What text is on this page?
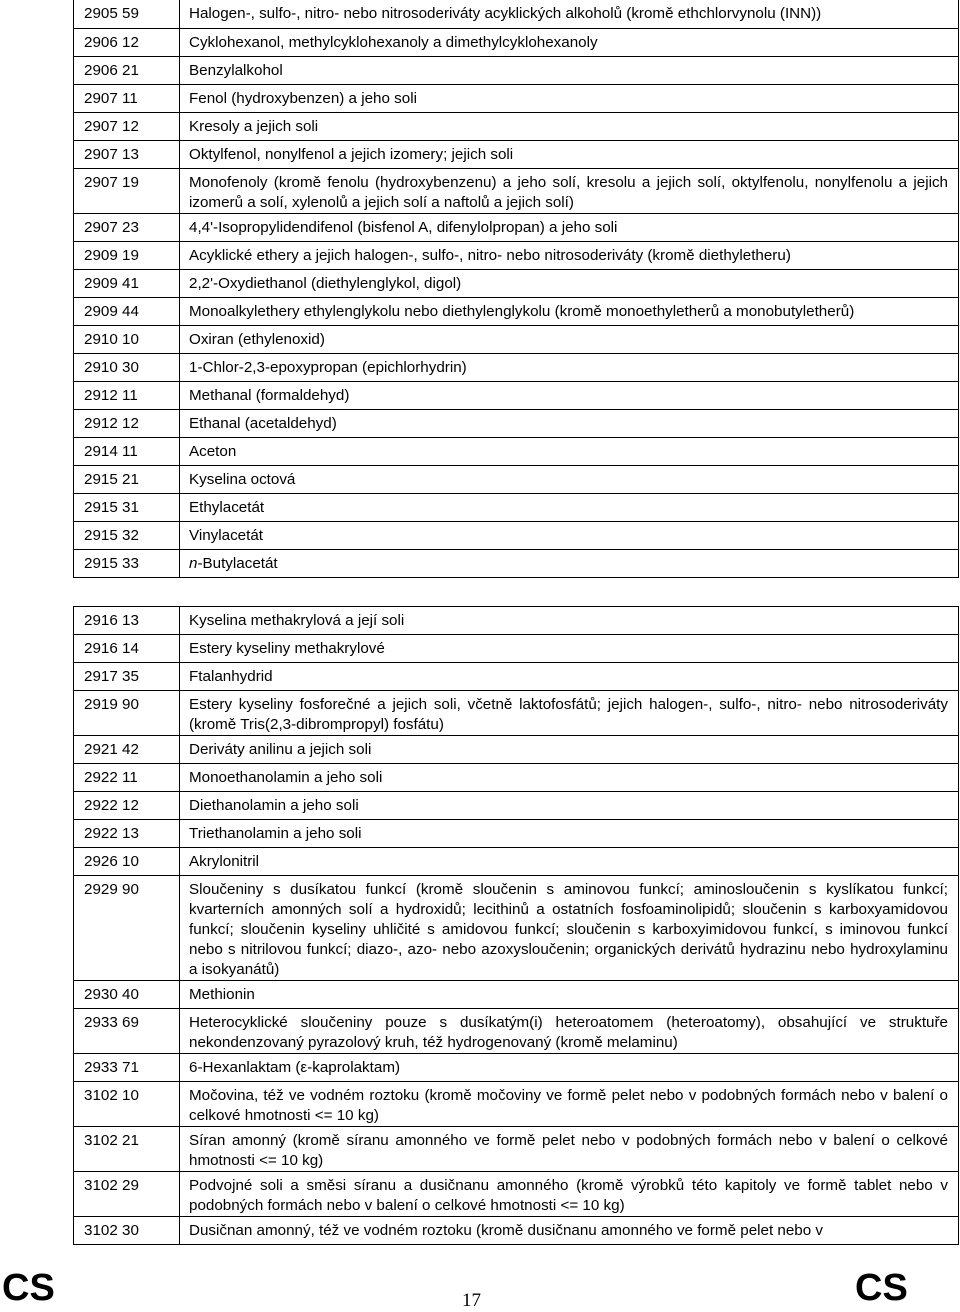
2905 59	Halogen-, sulfo-, nitro- nebo nitrosoderiváty acyklických alkoholů (kromě ethchlorvynolu (INN))
2906 12	Cyklohexanol, methylcyklohexanoly a dimethylcyklohexanoly
2906 21	Benzylalkohol
2907 11	Fenol (hydroxybenzen) a jeho soli
2907 12	Kresoly a jejich soli
2907 13	Oktylfenol, nonylfenol a jejich izomery; jejich soli
2907 19	Monofenoly (kromě fenolu (hydroxybenzenu) a jeho solí, kresolu a jejich solí, oktylfenolu, nonylfenolu a jejich izomerů a solí, xylenolů a jejich solí a naftolů a jejich solí)
2907 23	4,4'-Isopropylidendifenol (bisfenol A, difenylolpropan) a jeho soli
2909 19	Acyklické ethery a jejich halogen-, sulfo-, nitro- nebo nitrosoderiváty (kromě diethyletheru)
2909 41	2,2'-Oxydiethanol (diethylenglykol, digol)
2909 44	Monoalkylethery ethylenglykolu nebo diethylenglykolu (kromě monoethyletherů a monobutyletherů)
2910 10	Oxiran (ethylenoxid)
2910 30	1-Chlor-2,3-epoxypropan (epichlorhydrin)
2912 11	Methanal (formaldehyd)
2912 12	Ethanal (acetaldehyd)
2914 11	Aceton
2915 21	Kyselina octová
2915 31	Ethylacetát
2915 32	Vinylacetát
2915 33	n-Butylacetát
2916 13	Kyselina methakrylová a její soli
2916 14	Estery kyseliny methakrylové
2917 35	Ftalanhydrid
2919 90	Estery kyseliny fosforečné a jejich soli, včetně laktofosfátů; jejich halogen-, sulfo-, nitro- nebo nitrosoderiváty (kromě Tris(2,3-dibrompropyl) fosfátu)
2921 42	Deriváty anilinu a jejich soli
2922 11	Monoethanolamin a jeho soli
2922 12	Diethanolamin a jeho soli
2922 13	Triethanolamin a jeho soli
2926 10	Akrylonitril
2929 90	Sloučeniny s dusíkatou funkcí (kromě sloučenin s aminovou funkcí; aminosloučenin s kyslíkatou funkcí; kvarterních amonných solí a hydroxidů; lecithinů a ostatních fosfoaminolipidů; sloučenin s karboxyamidovou funkcí; sloučenin kyseliny uhličité s amidovou funkcí; sloučenin s karboxyimidovou funkcí, s iminovou funkcí nebo s nitrilovou funkcí; diazo-, azo- nebo azoxysloučenin; organických derivátů hydrazinu nebo hydroxylaminu a isokyanátů)
2930 40	Methionin
2933 69	Heterocyklické sloučeniny pouze s dusíkatým(i) heteroatomem (heteroatomy), obsahující ve struktuře nekondenzovaný pyrazolový kruh, též hydrogenovaný (kromě melaminu)
2933 71	6-Hexanlaktam (ε-kaprolaktam)
3102 10	Močovina, též ve vodném roztoku (kromě močoviny ve formě pelet nebo v podobných formách nebo v balení o celkové hmotnosti <= 10 kg)
3102 21	Síran amonný (kromě síranu amonného ve formě pelet nebo v podobných formách nebo v balení o celkové hmotnosti <= 10 kg)
3102 29	Podvojné soli a směsi síranu a dusičnanu amonného (kromě výrobků této kapitoly ve formě tablet nebo v podobných formách nebo v balení o celkové hmotnosti <= 10 kg)
3102 30	Dusičnan amonný, též ve vodném roztoku (kromě dusičnanu amonného ve formě pelet nebo v
CS	17	CS
